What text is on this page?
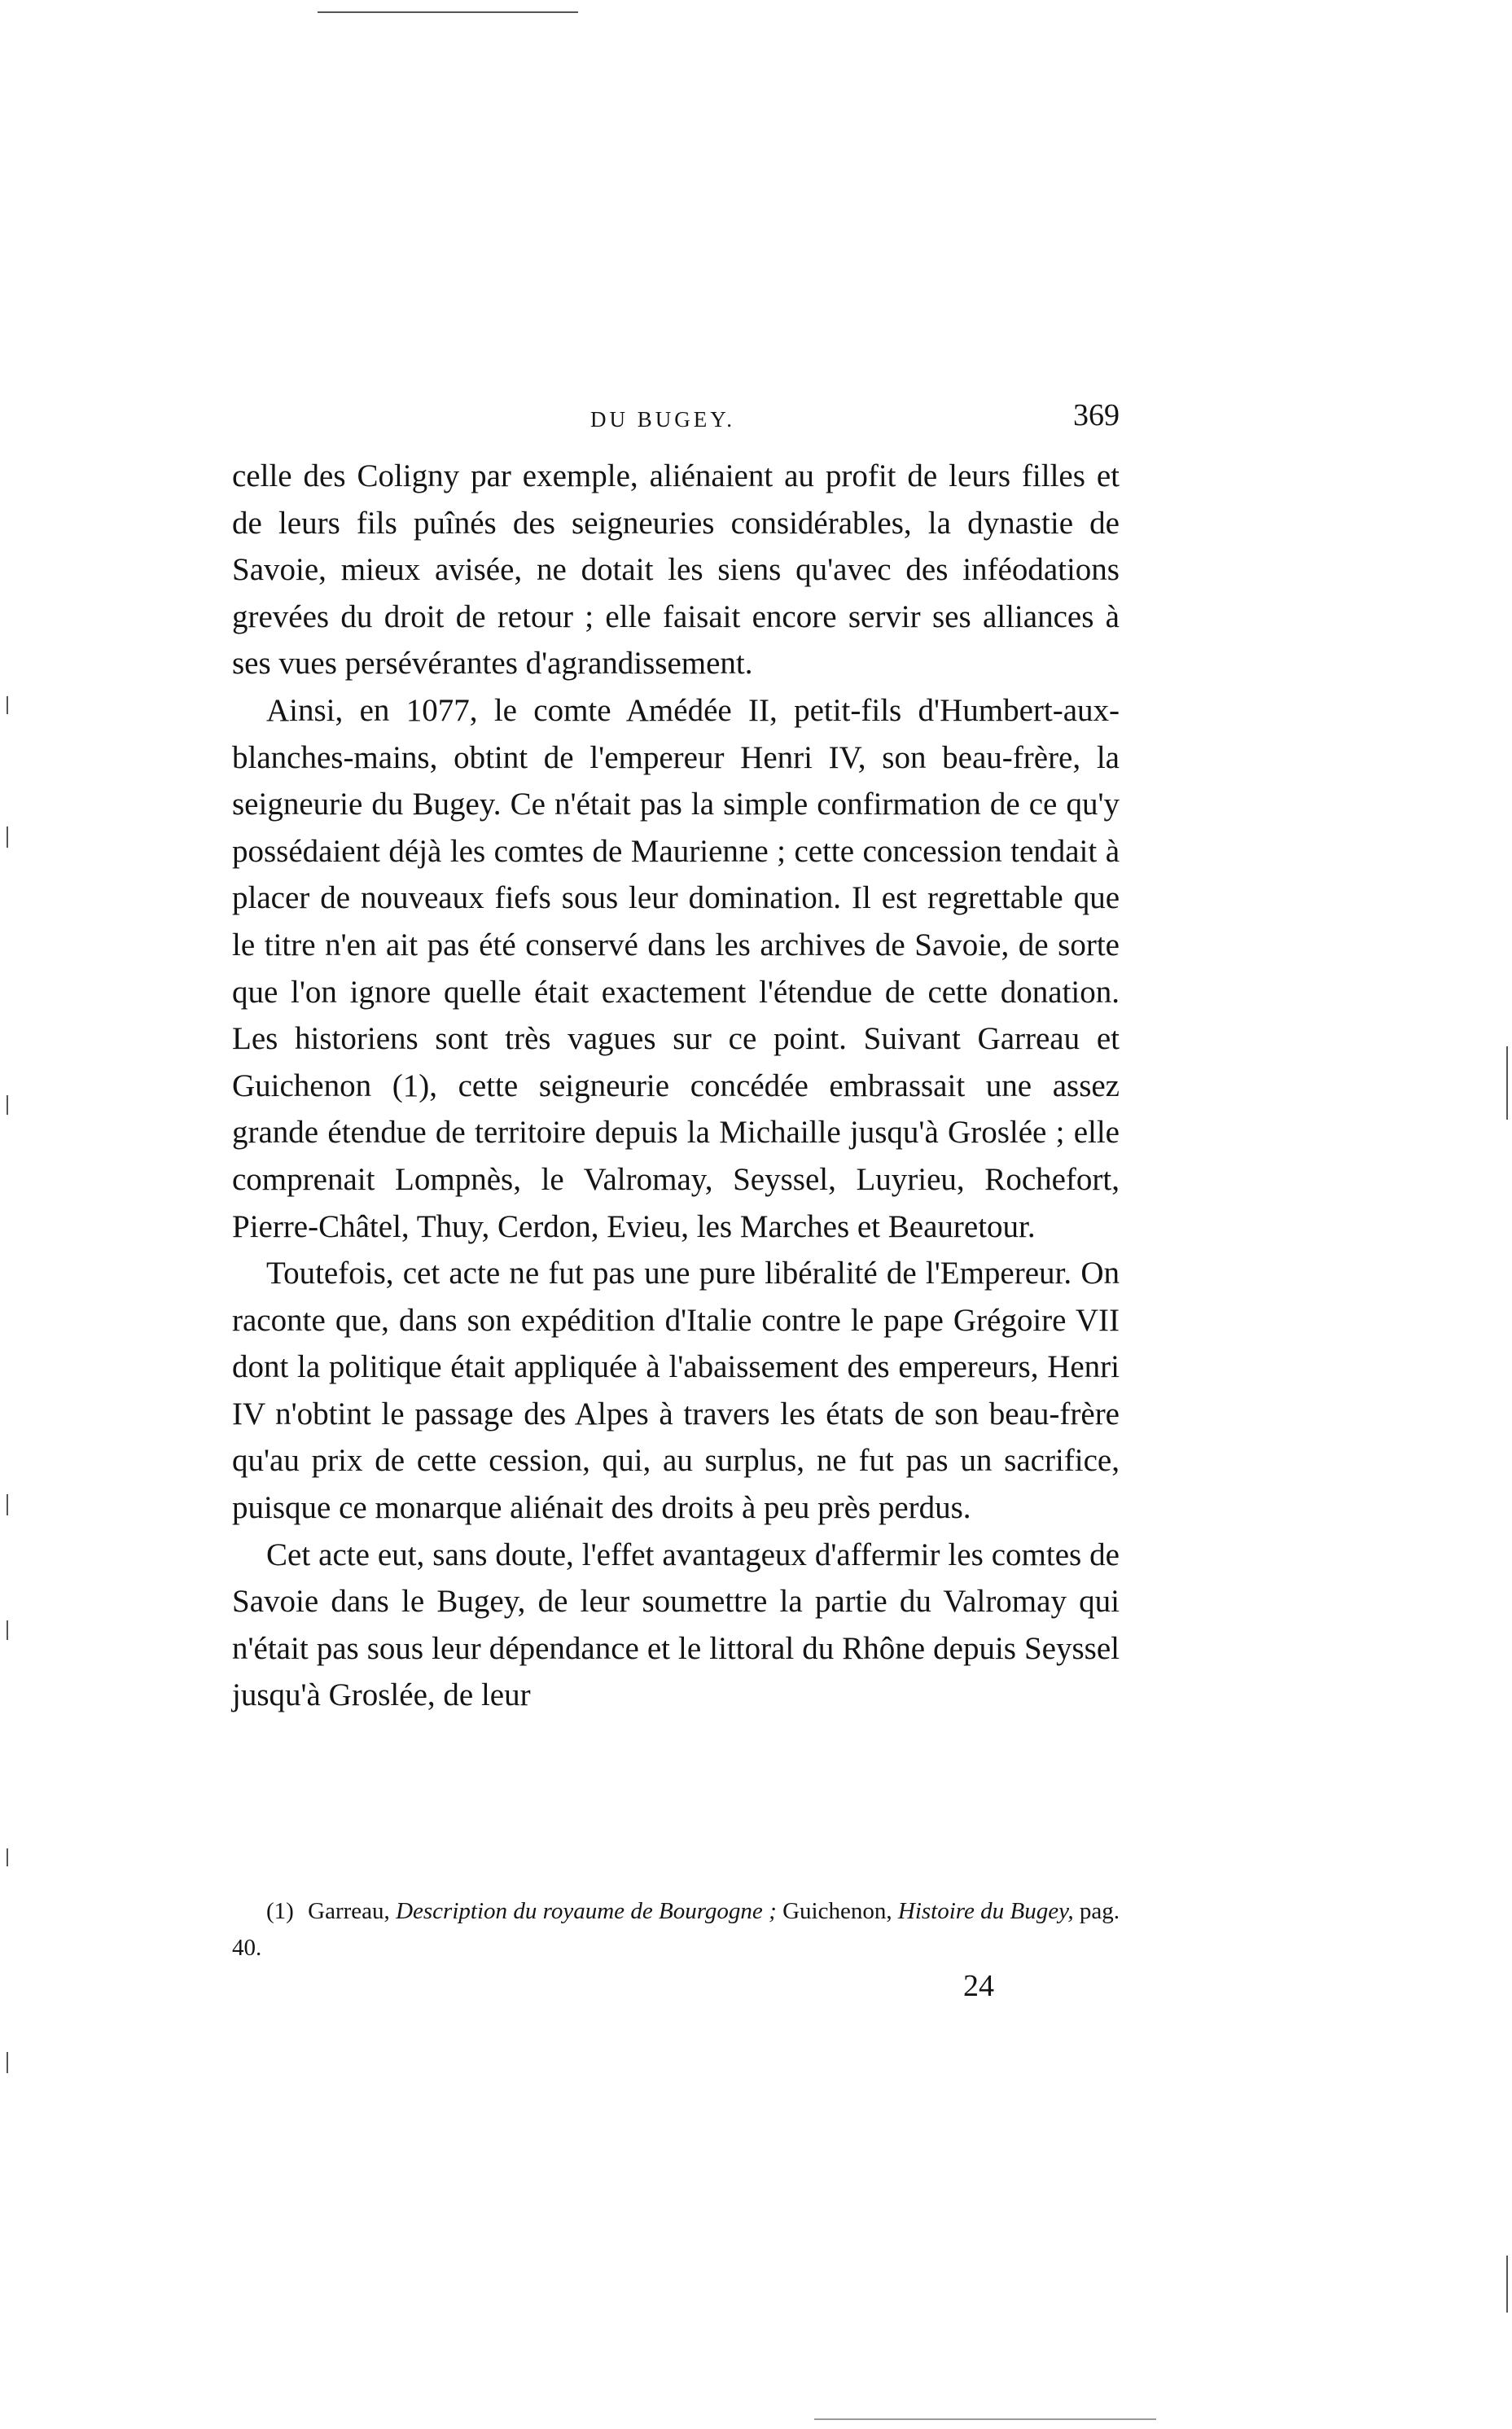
DU BUGEY.	369

celle des Coligny par exemple, aliénaient au profit de leurs filles et de leurs fils puînés des seigneuries considérables, la dynastie de Savoie, mieux avisée, ne dotait les siens qu'avec des inféodations grevées du droit de retour ; elle faisait encore servir ses alliances à ses vues persévérantes d'agrandissement.

Ainsi, en 1077, le comte Amédée II, petit-fils d'Humbert-aux-blanches-mains, obtint de l'empereur Henri IV, son beau-frère, la seigneurie du Bugey. Ce n'était pas la simple confirmation de ce qu'y possédaient déjà les comtes de Maurienne ; cette concession tendait à placer de nouveaux fiefs sous leur domination. Il est regrettable que le titre n'en ait pas été conservé dans les archives de Savoie, de sorte que l'on ignore quelle était exactement l'étendue de cette donation. Les historiens sont très vagues sur ce point. Suivant Garreau et Guichenon (1), cette seigneurie concédée embrassait une assez grande étendue de territoire depuis la Michaille jusqu'à Groslée ; elle comprenait Lompnès, le Valromay, Seyssel, Luyrieu, Rochefort, Pierre-Châtel, Thuy, Cerdon, Evieu, les Marches et Beauretour.

Toutefois, cet acte ne fut pas une pure libéralité de l'Empereur. On raconte que, dans son expédition d'Italie contre le pape Grégoire VII dont la politique était appliquée à l'abaissement des empereurs, Henri IV n'obtint le passage des Alpes à travers les états de son beau-frère qu'au prix de cette cession, qui, au surplus, ne fut pas un sacrifice, puisque ce monarque aliénait des droits à peu près perdus.

Cet acte eut, sans doute, l'effet avantageux d'affermir les comtes de Savoie dans le Bugey, de leur soumettre la partie du Valromay qui n'était pas sous leur dépendance et le littoral du Rhône depuis Seyssel jusqu'à Groslée, de leur

(1) Garreau, Description du royaume de Bourgogne ; Guichenon, Histoire du Bugey, pag. 40.
24
